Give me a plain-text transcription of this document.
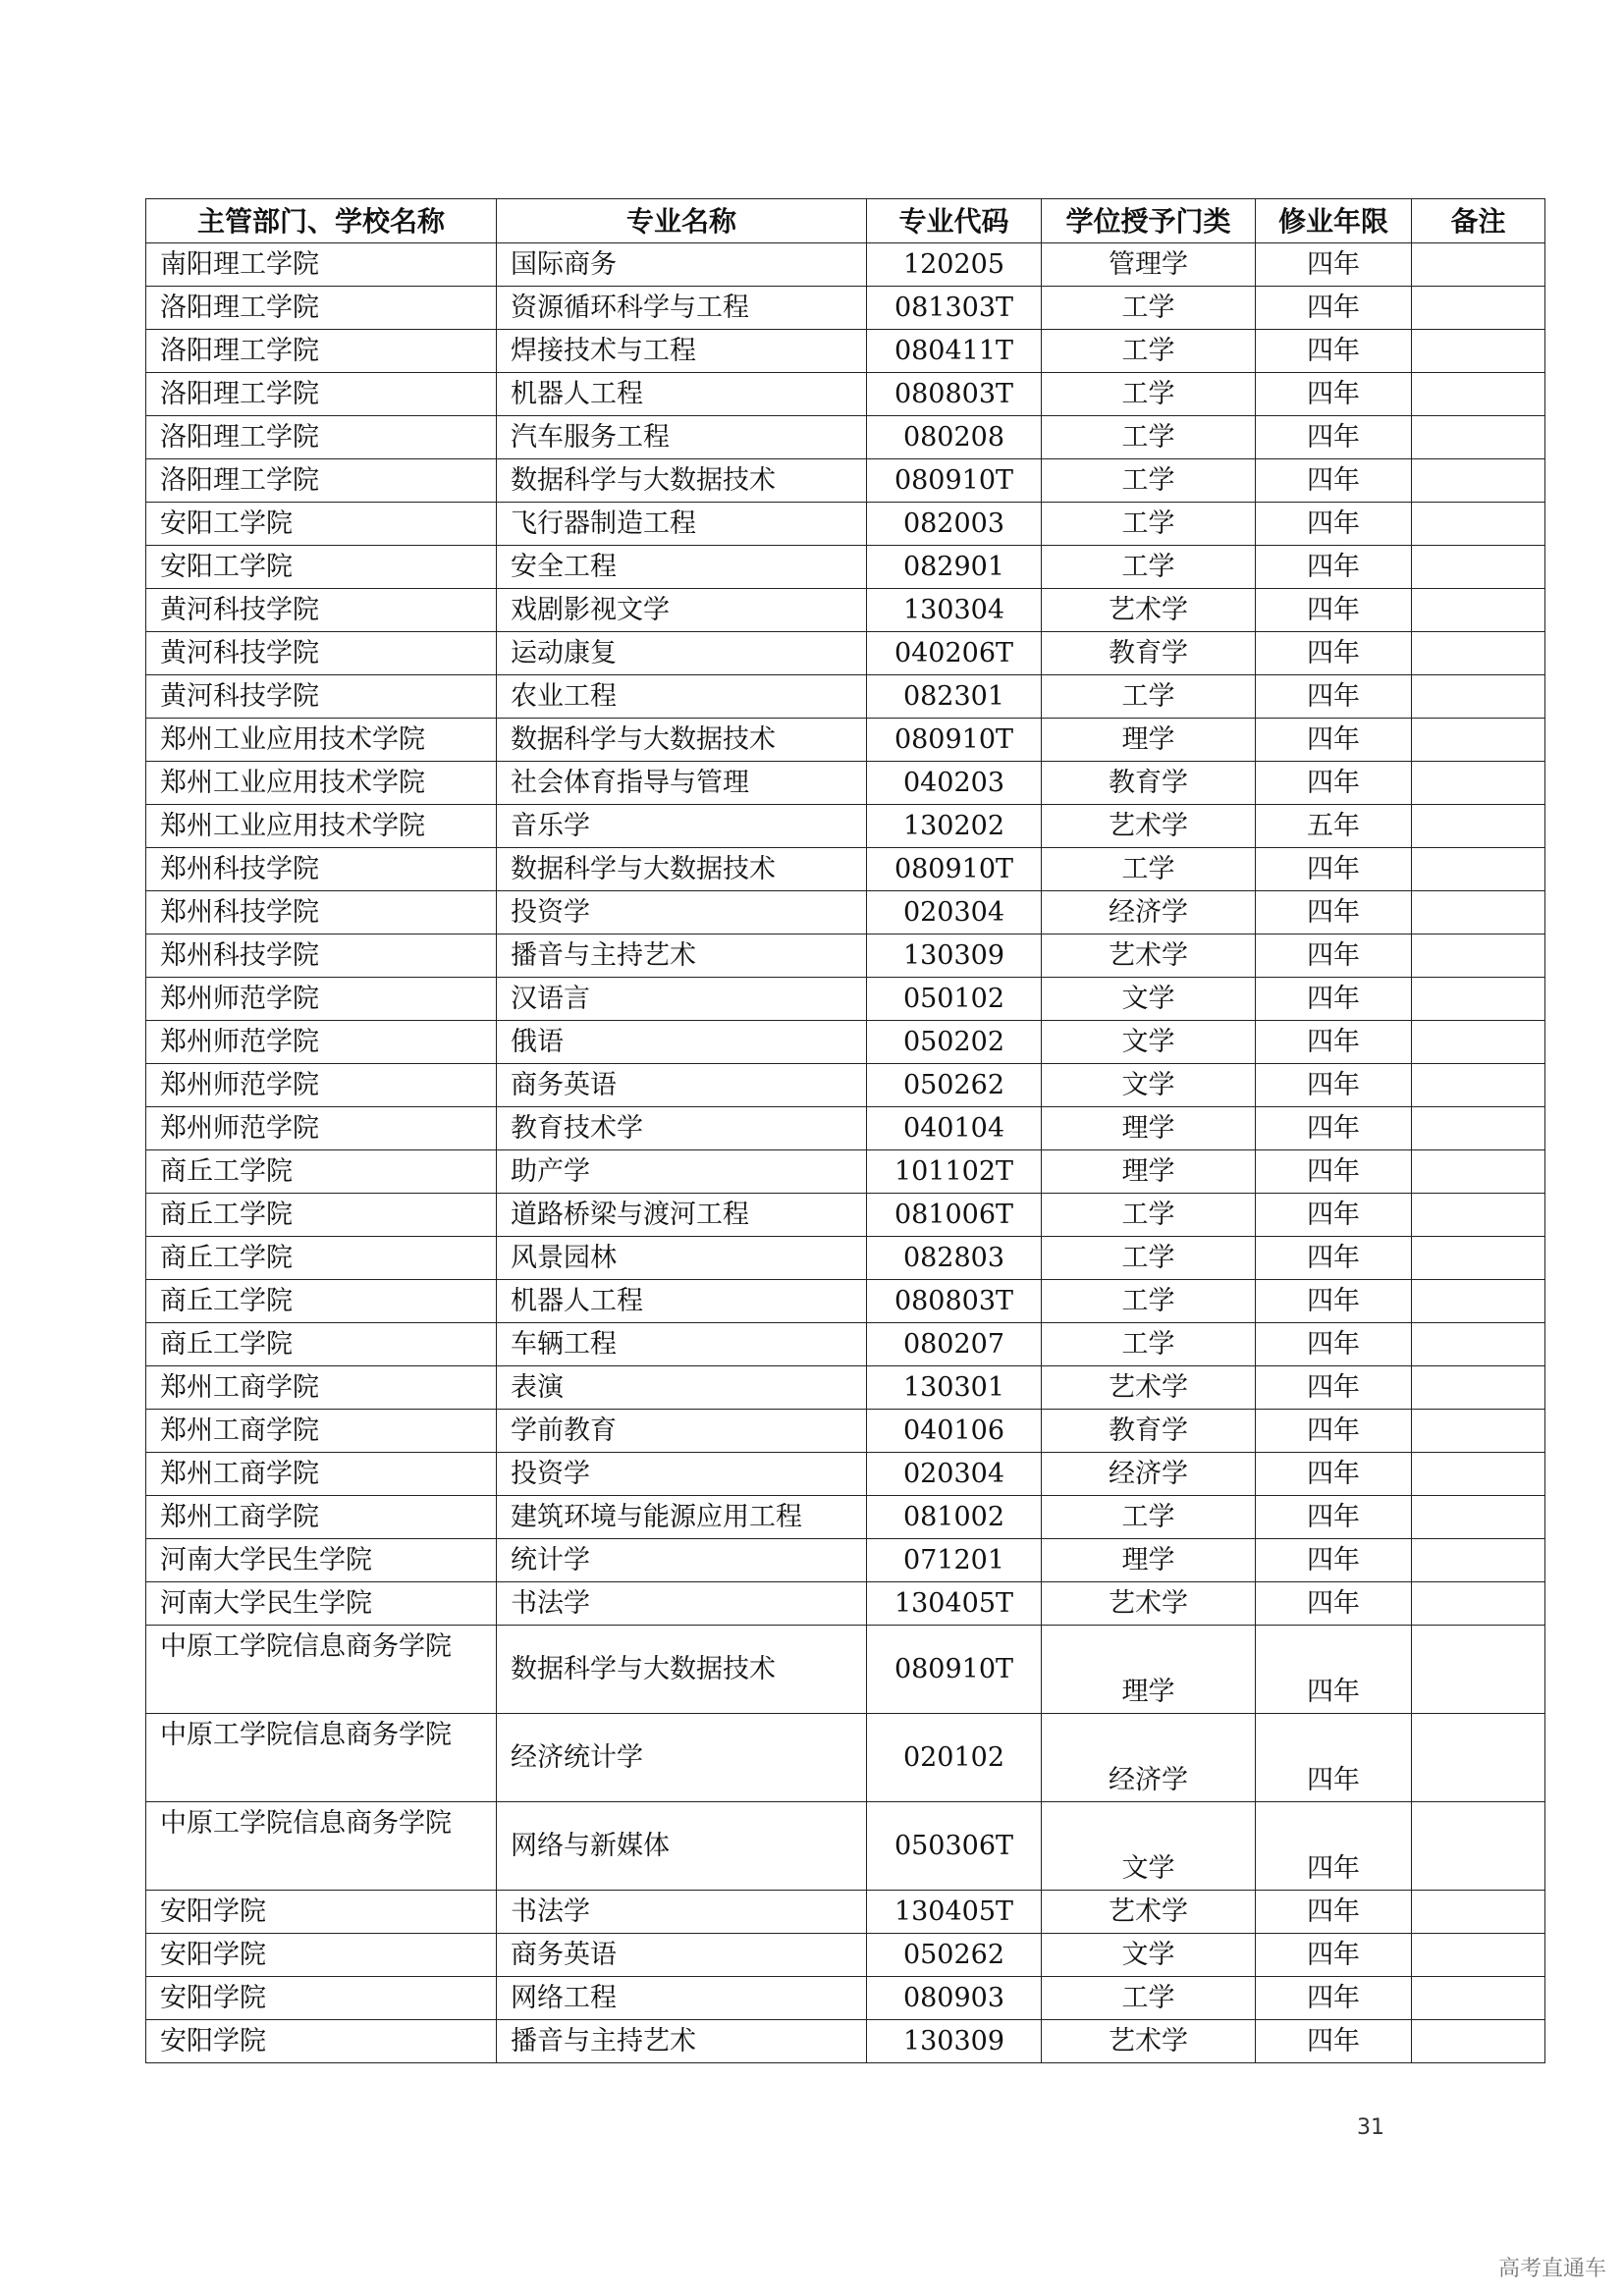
主管部门、学校名称	专业名称	专业代码	学位授予门类	修业年限	备注
南阳理工学院	国际商务	120205	管理学	四年	
洛阳理工学院	资源循环科学与工程	081303T	工学	四年	
洛阳理工学院	焊接技术与工程	080411T	工学	四年	
洛阳理工学院	机器人工程	080803T	工学	四年	
洛阳理工学院	汽车服务工程	080208	工学	四年	
洛阳理工学院	数据科学与大数据技术	080910T	工学	四年	
安阳工学院	飞行器制造工程	082003	工学	四年	
安阳工学院	安全工程	082901	工学	四年	
黄河科技学院	戏剧影视文学	130304	艺术学	四年	
黄河科技学院	运动康复	040206T	教育学	四年	
黄河科技学院	农业工程	082301	工学	四年	
郑州工业应用技术学院	数据科学与大数据技术	080910T	理学	四年	
郑州工业应用技术学院	社会体育指导与管理	040203	教育学	四年	
郑州工业应用技术学院	音乐学	130202	艺术学	五年	
郑州科技学院	数据科学与大数据技术	080910T	工学	四年	
郑州科技学院	投资学	020304	经济学	四年	
郑州科技学院	播音与主持艺术	130309	艺术学	四年	
郑州师范学院	汉语言	050102	文学	四年	
郑州师范学院	俄语	050202	文学	四年	
郑州师范学院	商务英语	050262	文学	四年	
郑州师范学院	教育技术学	040104	理学	四年	
商丘工学院	助产学	101102T	理学	四年	
商丘工学院	道路桥梁与渡河工程	081006T	工学	四年	
商丘工学院	风景园林	082803	工学	四年	
商丘工学院	机器人工程	080803T	工学	四年	
商丘工学院	车辆工程	080207	工学	四年	
郑州工商学院	表演	130301	艺术学	四年	
郑州工商学院	学前教育	040106	教育学	四年	
郑州工商学院	投资学	020304	经济学	四年	
郑州工商学院	建筑环境与能源应用工程	081002	工学	四年	
河南大学民生学院	统计学	071201	理学	四年	
河南大学民生学院	书法学	130405T	艺术学	四年	
中原工学院信息商务学院	数据科学与大数据技术	080910T	理学	四年	
中原工学院信息商务学院	经济统计学	020102	经济学	四年	
中原工学院信息商务学院	网络与新媒体	050306T	文学	四年	
安阳学院	书法学	130405T	艺术学	四年	
安阳学院	商务英语	050262	文学	四年	
安阳学院	网络工程	080903	工学	四年	
安阳学院	播音与主持艺术	130309	艺术学	四年	
31
高考直通车
